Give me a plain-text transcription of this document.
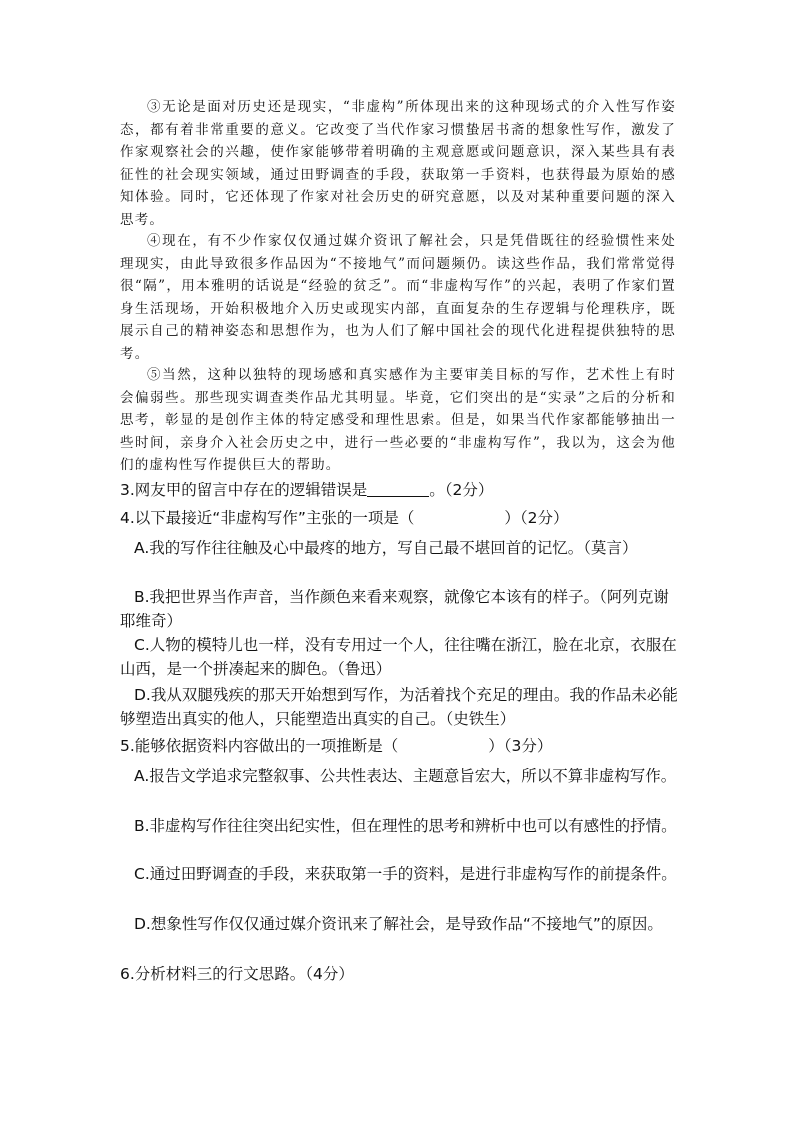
③无论是面对历史还是现实，“非虚构”所体现出来的这种现场式的介入性写作姿态，都有着非常重要的意义。它改变了当代作家习惯蛰居书斋的想象性写作，激发了作家观察社会的兴趣，使作家能够带着明确的主观意愿或问题意识，深入某些具有表征性的社会现实领域，通过田野调查的手段，获取第一手资料，也获得最为原始的感知体验。同时，它还体现了作家对社会历史的研究意愿，以及对某种重要问题的深入思考。

④现在，有不少作家仅仅通过媒介资讯了解社会，只是凭借既往的经验惯性来处理现实，由此导致很多作品因为“不接地气”而问题频仍。读这些作品，我们常常觉得很“隔”，用本雅明的话说是“经验的贫乏”。而“非虚构写作”的兴起，表明了作家们置身生活现场，开始积极地介入历史或现实内部，直面复杂的生存逻辑与伦理秩序，既展示自己的精神姿态和思想作为，也为人们了解中国社会的现代化进程提供独特的思考。

⑤当然，这种以独特的现场感和真实感作为主要审美目标的写作，艺术性上有时会偏弱些。那些现实调查类作品尤其明显。毕竟，它们突出的是“实录”之后的分析和思考，彰显的是创作主体的特定感受和理性思索。但是，如果当代作家都能够抽出一些时间，亲身介入社会历史之中，进行一些必要的“非虚构写作”，我以为，这会为他们的虚构性写作提供巨大的帮助。

3.网友甲的留言中存在的逻辑错误是	。（2分）

4.以下最接近“非虚构写作”主张的一项是（	）（2分）

A.我的写作往往触及心中最疼的地方，写自己最不堪回首的记忆。（莫言）

B.我把世界当作声音，当作颜色来看来观察，就像它本该有的样子。（阿列克谢耶维奇）

C.人物的模特儿也一样，没有专用过一个人，往往嘴在浙江，脸在北京，衣服在山西，是一个拼凑起来的脚色。（鲁迅）

D.我从双腿残疾的那天开始想到写作，为活着找个充足的理由。我的作品未必能够塑造出真实的他人，只能塑造出真实的自己。（史铁生）

5.能够依据资料内容做出的一项推断是（	）（3分）

A.报告文学追求完整叙事、公共性表达、主题意旨宏大，所以不算非虚构写作。

B.非虚构写作往往突出纪实性，但在理性的思考和辨析中也可以有感性的抒情。

C.通过田野调查的手段，来获取第一手的资料，是进行非虚构写作的前提条件。

D.想象性写作仅仅通过媒介资讯来了解社会，是导致作品“不接地气”的原因。

6.分析材料三的行文思路。（4分）
